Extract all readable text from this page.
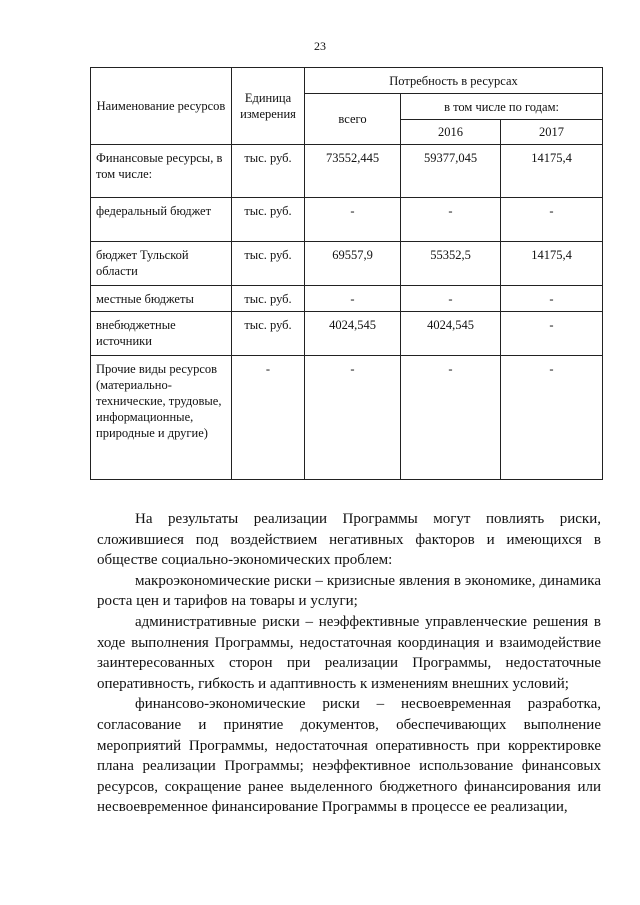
23
Наименование ресурсов	Единица измерения	Потребность в ресурсах		
		всего	в том числе по годам:	
			2016	2017
Финансовые ресурсы, в том числе:	тыс. руб.	73552,445	59377,045	14175,4
федеральный бюджет	тыс. руб.	-	-	-
бюджет Тульской области	тыс. руб.	69557,9	55352,5	14175,4
местные бюджеты	тыс. руб.	-	-	-
внебюджетные источники	тыс. руб.	4024,545	4024,545	-
Прочие виды ресурсов (материально-технические, трудовые, информационные, природные и другие)	-	-	-	-

На результаты реализации Программы могут повлиять риски, сложившиеся под воздействием негативных факторов и имеющихся в обществе социально-экономических проблем:

макроэкономические риски – кризисные явления в экономике, динамика роста цен и тарифов на товары и услуги;

административные риски – неэффективные управленческие решения в ходе выполнения Программы, недостаточная координация и взаимодействие заинтересованных сторон при реализации Программы, недостаточные оперативность, гибкость и адаптивность к изменениям внешних условий;

финансово-экономические риски – несвоевременная разработка, согласование и принятие документов, обеспечивающих выполнение мероприятий Программы, недостаточная оперативность при корректировке плана реализации Программы; неэффективное использование финансовых ресурсов, сокращение ранее выделенного бюджетного финансирования или несвоевременное финансирование Программы в процессе ее реализации,
